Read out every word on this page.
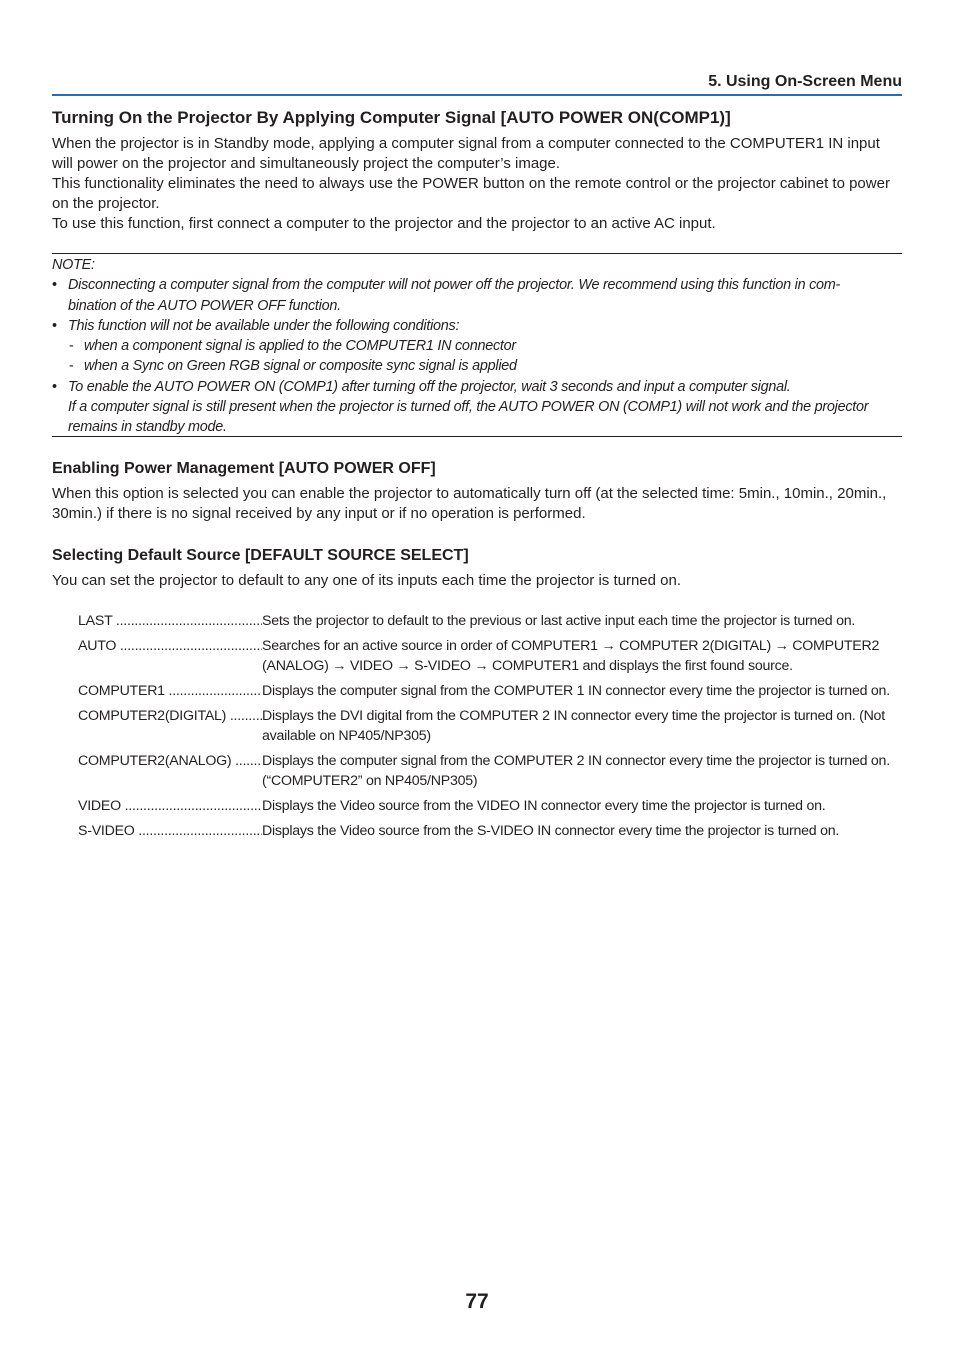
5. Using On-Screen Menu
Turning On the Projector By Applying Computer Signal [AUTO POWER ON(COMP1)]
When the projector is in Standby mode, applying a computer signal from a computer connected to the COMPUTER1 IN input will power on the projector and simultaneously project the computer’s image.
This functionality eliminates the need to always use the POWER button on the remote control or the projector cabinet to power on the projector.
To use this function, first connect a computer to the projector and the projector to an active AC input.
NOTE:
• Disconnecting a computer signal from the computer will not power off the projector. We recommend using this function in com-
bination of the AUTO POWER OFF function.
• This function will not be available under the following conditions:
- when a component signal is applied to the COMPUTER1 IN connector
- when a Sync on Green RGB signal or composite sync signal is applied
• To enable the AUTO POWER ON (COMP1) after turning off the projector, wait 3 seconds and input a computer signal.
If a computer signal is still present when the projector is turned off, the AUTO POWER ON (COMP1) will not work and the projector
remains in standby mode.
Enabling Power Management [AUTO POWER OFF]
When this option is selected you can enable the projector to automatically turn off (at the selected time: 5min., 10min., 20min., 30min.) if there is no signal received by any input or if no operation is performed.
Selecting Default Source [DEFAULT SOURCE SELECT]
You can set the projector to default to any one of its inputs each time the projector is turned on.
LAST .....	Sets the projector to default to the previous or last active input each time the projector is turned on.
AUTO .....	Searches for an active source in order of COMPUTER1 → COMPUTER 2(DIGITAL) → COMPUTER2 (ANALOG) → VIDEO → S-VIDEO → COMPUTER1 and displays the first found source.
COMPUTER1 .....	Displays the computer signal from the COMPUTER 1 IN connector every time the projector is turned on.
COMPUTER2(DIGITAL) .....	Displays the DVI digital from the COMPUTER 2 IN connector every time the projector is turned on. (Not available on NP405/NP305)
COMPUTER2(ANALOG) .....	Displays the computer signal from the COMPUTER 2 IN connector every time the projector is turned on. (“COMPUTER2” on NP405/NP305)
VIDEO .....	Displays the Video source from the VIDEO IN connector every time the projector is turned on.
S-VIDEO .....	Displays the Video source from the S-VIDEO IN connector every time the projector is turned on.
77
